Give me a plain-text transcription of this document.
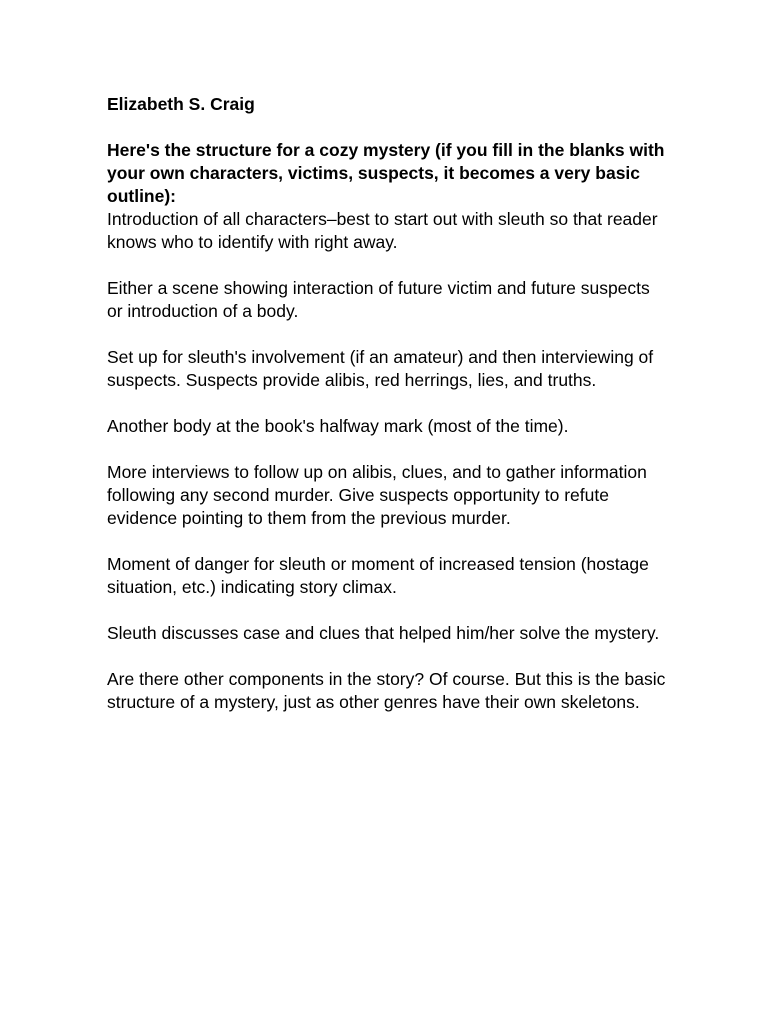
Elizabeth S. Craig

Here's the structure for a cozy mystery (if you fill in the blanks with your own characters, victims, suspects, it becomes a very basic outline):

Introduction of all characters–best to start out with sleuth so that reader knows who to identify with right away.

Either a scene showing interaction of future victim and future suspects or introduction of a body.

Set up for sleuth's involvement (if an amateur) and then interviewing of suspects. Suspects provide alibis, red herrings, lies, and truths.

Another body at the book's halfway mark (most of the time).

More interviews to follow up on alibis, clues, and to gather information following any second murder. Give suspects opportunity to refute evidence pointing to them from the previous murder.

Moment of danger for sleuth or moment of increased tension (hostage situation, etc.) indicating story climax.

Sleuth discusses case and clues that helped him/her solve the mystery.

Are there other components in the story? Of course. But this is the basic structure of a mystery, just as other genres have their own skeletons.
